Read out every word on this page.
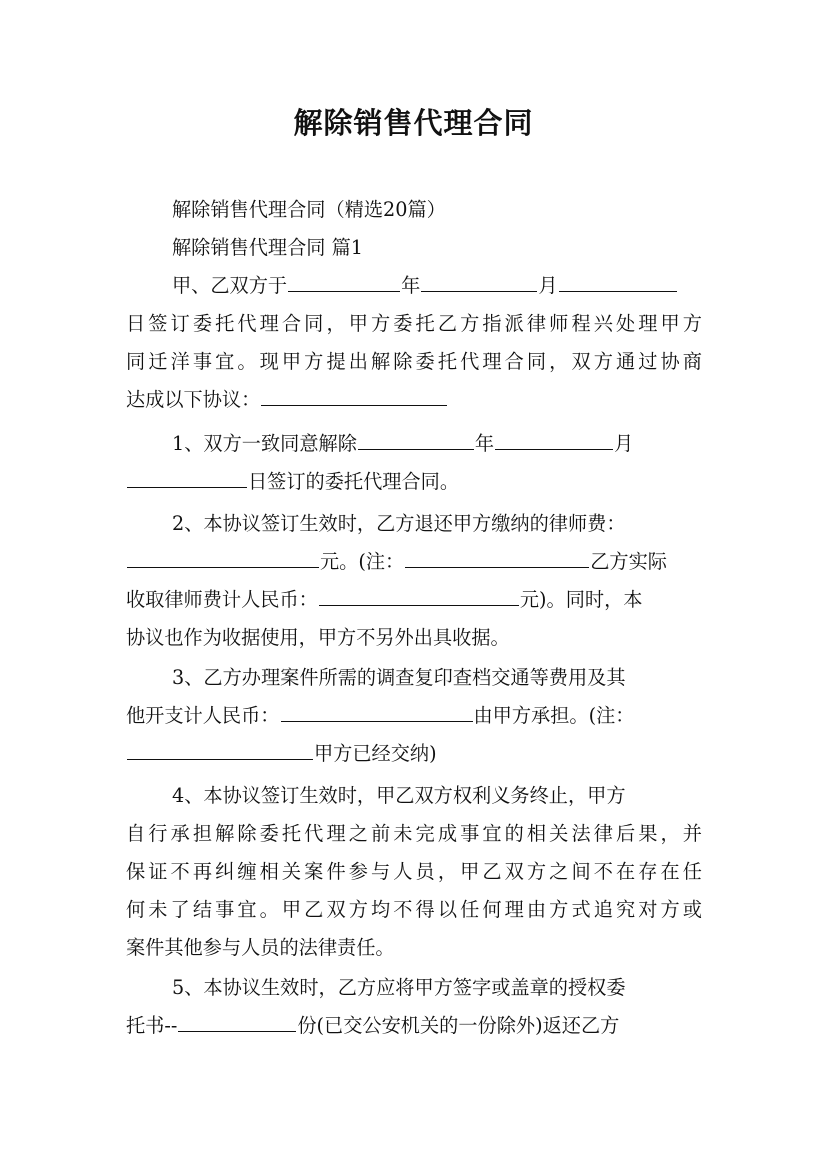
解除销售代理合同
解除销售代理合同（精选20篇）
解除销售代理合同 篇1
甲、乙双方于	年	月
日签订委托代理合同，甲方委托乙方指派律师程兴处理甲方
同迁洋事宜。现甲方提出解除委托代理合同，双方通过协商
达成以下协议：
1、双方一致同意解除	年	月
日签订的委托代理合同。
2、本协议签订生效时，乙方退还甲方缴纳的律师费：
元。(注：	乙方实际
收取律师费计人民币：	元)。同时，本
协议也作为收据使用，甲方不另外出具收据。
3、乙方办理案件所需的调查复印查档交通等费用及其
他开支计人民币：	由甲方承担。(注：
甲方已经交纳)
4、本协议签订生效时，甲乙双方权利义务终止，甲方
自行承担解除委托代理之前未完成事宜的相关法律后果，并
保证不再纠缠相关案件参与人员，甲乙双方之间不在存在任
何未了结事宜。甲乙双方均不得以任何理由方式追究对方或
案件其他参与人员的法律责任。
5、本协议生效时，乙方应将甲方签字或盖章的授权委
托书--	份(已交公安机关的一份除外)返还乙方
